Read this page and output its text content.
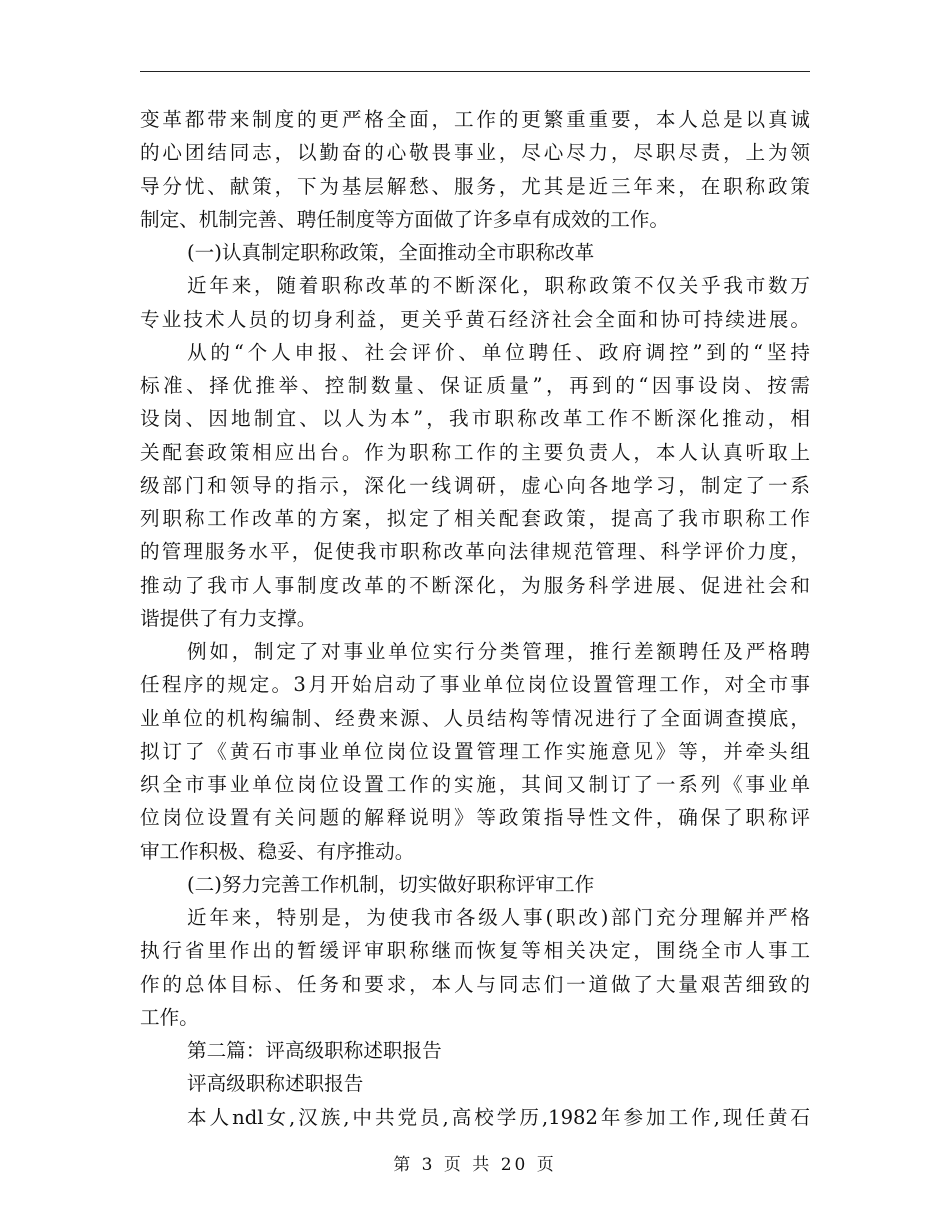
变革都带来制度的更严格全面，工作的更繁重重要，本人总是以真诚
的心团结同志，以勤奋的心敬畏事业，尽心尽力，尽职尽责，上为领
导分忧、献策，下为基层解愁、服务，尤其是近三年来，在职称政策
制定、机制完善、聘任制度等方面做了许多卓有成效的工作。
(一)认真制定职称政策，全面推动全市职称改革
近年来，随着职称改革的不断深化，职称政策不仅关乎我市数万
专业技术人员的切身利益，更关乎黄石经济社会全面和协可持续进展。
从的“个人申报、社会评价、单位聘任、政府调控”到的“坚持
标准、择优推举、控制数量、保证质量”，再到的“因事设岗、按需
设岗、因地制宜、以人为本”，我市职称改革工作不断深化推动，相
关配套政策相应出台。作为职称工作的主要负责人，本人认真听取上
级部门和领导的指示，深化一线调研，虚心向各地学习，制定了一系
列职称工作改革的方案，拟定了相关配套政策，提高了我市职称工作
的管理服务水平，促使我市职称改革向法律规范管理、科学评价力度，
推动了我市人事制度改革的不断深化，为服务科学进展、促进社会和
谐提供了有力支撑。
例如，制定了对事业单位实行分类管理，推行差额聘任及严格聘
任程序的规定。3月开始启动了事业单位岗位设置管理工作，对全市事
业单位的机构编制、经费来源、人员结构等情况进行了全面调查摸底，
拟订了《黄石市事业单位岗位设置管理工作实施意见》等，并牵头组
织全市事业单位岗位设置工作的实施，其间又制订了一系列《事业单
位岗位设置有关问题的解释说明》等政策指导性文件，确保了职称评
审工作积极、稳妥、有序推动。
(二)努力完善工作机制，切实做好职称评审工作
近年来，特别是，为使我市各级人事(职改)部门充分理解并严格
执行省里作出的暂缓评审职称继而恢复等相关决定，围绕全市人事工
作的总体目标、任务和要求，本人与同志们一道做了大量艰苦细致的
工作。
第二篇：评高级职称述职报告
评高级职称述职报告
本人ndl女,汉族,中共党员,高校学历,1982年参加工作,现任黄石
第 3 页 共 20 页
